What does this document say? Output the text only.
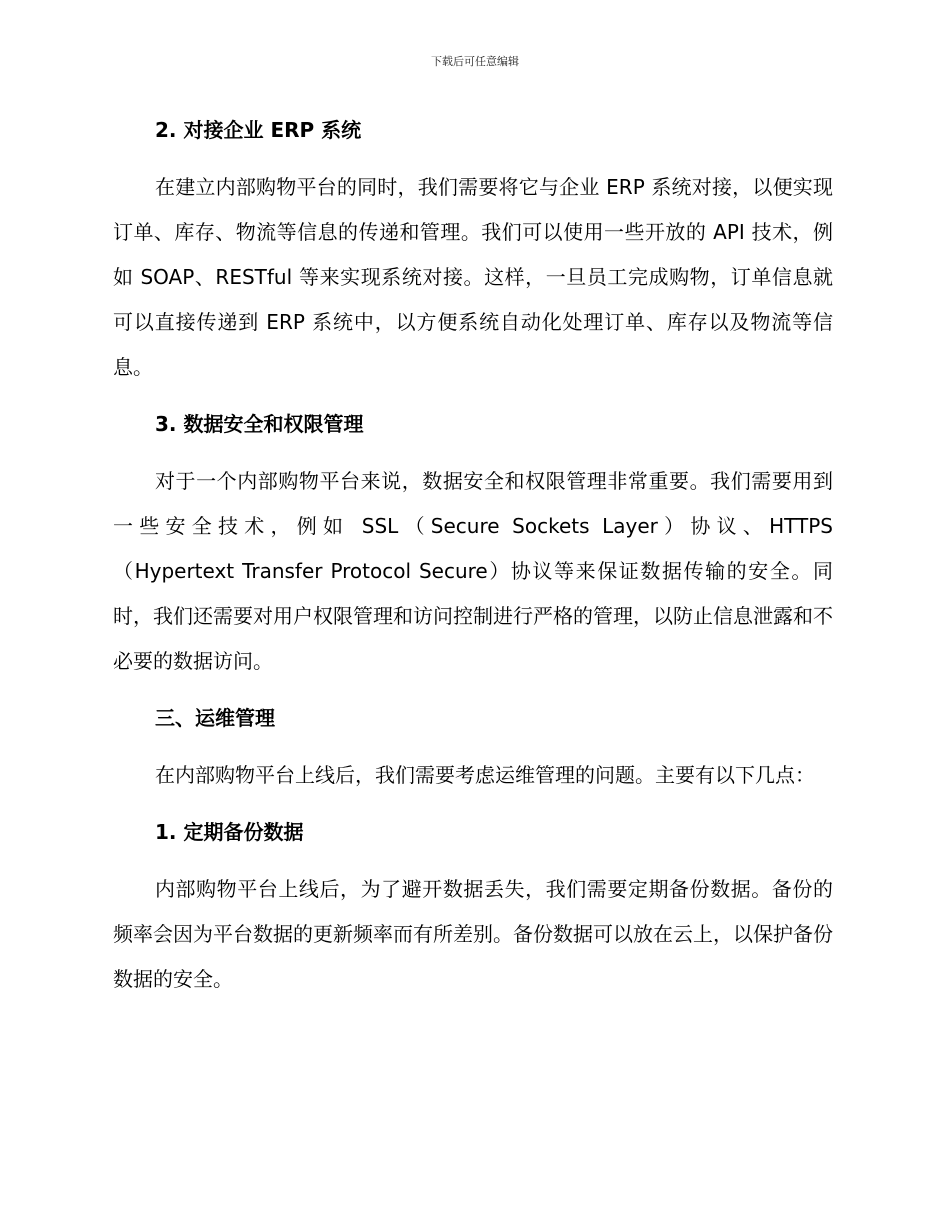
下载后可任意编辑

2. 对接企业 ERP 系统

在建立内部购物平台的同时，我们需要将它与企业 ERP 系统对接，以便实现订单、库存、物流等信息的传递和管理。我们可以使用一些开放的 API 技术，例如 SOAP、RESTful 等来实现系统对接。这样，一旦员工完成购物，订单信息就可以直接传递到 ERP 系统中，以方便系统自动化处理订单、库存以及物流等信息。

3. 数据安全和权限管理

对于一个内部购物平台来说，数据安全和权限管理非常重要。我们需要用到一些安全技术，例如 SSL（Secure Sockets Layer）协议、HTTPS（Hypertext Transfer Protocol Secure）协议等来保证数据传输的安全。同时，我们还需要对用户权限管理和访问控制进行严格的管理，以防止信息泄露和不必要的数据访问。

三、运维管理

在内部购物平台上线后，我们需要考虑运维管理的问题。主要有以下几点：

1. 定期备份数据

内部购物平台上线后，为了避开数据丢失，我们需要定期备份数据。备份的频率会因为平台数据的更新频率而有所差别。备份数据可以放在云上，以保护备份数据的安全。
